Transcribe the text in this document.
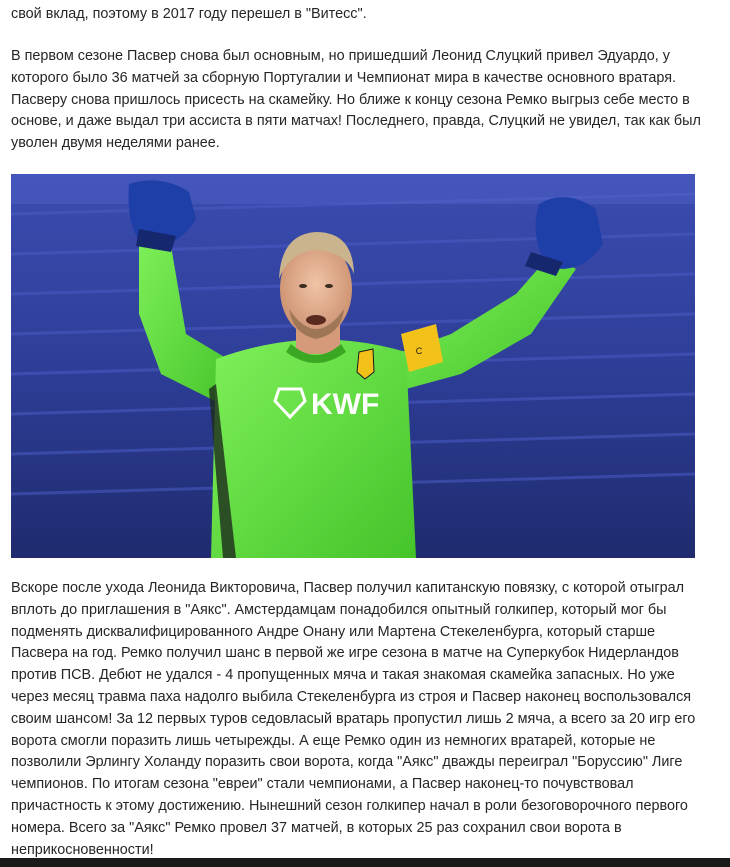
свой вклад, поэтому в 2017 году перешел в "Витесс".

В первом сезоне Пасвер снова был основным, но пришедший Леонид Слуцкий привел Эдуардо, у
которого было 36 матчей за сборную Португалии и Чемпионат мира в качестве основного вратаря.
Пасверу снова пришлось присесть на скамейку. Но ближе к концу сезона Ремко выгрыз себе место в
основе, и даже выдал три ассиста в пяти матчах! Последнего, правда, Слуцкий не увидел, так как был
уволен двумя неделями ранее.

C
KWF

Вскоре после ухода Леонида Викторовича, Пасвер получил капитанскую повязку, с которой отыграл
вплоть до приглашения в "Аякс". Амстердамцам понадобился опытный голкипер, который мог бы
подменять дисквалифицированного Андре Онану или Мартена Стекеленбурга, который старше
Пасвера на год. Ремко получил шанс в первой же игре сезона в матче на Суперкубок Нидерландов
против ПСВ. Дебют не удался - 4 пропущенных мяча и такая знакомая скамейка запасных. Но уже
через месяц травма паха надолго выбила Стекеленбурга из строя и Пасвер наконец воспользовался
своим шансом! За 12 первых туров седовласый вратарь пропустил лишь 2 мяча, а всего за 20 игр его
ворота смогли поразить лишь четырежды. А еще Ремко один из немногих вратарей, которые не
позволили Эрлингу Холанду поразить свои ворота, когда "Аякс" дважды переиграл "Боруссию" Лиге
чемпионов. По итогам сезона "евреи" стали чемпионами, а Пасвер наконец-то почувствовал
причастность к этому достижению. Нынешний сезон голкипер начал в роли безоговорочного первого
номера. Всего за "Аякс" Ремко провел 37 матчей, в которых 25 раз сохранил свои ворота в
неприкосновенности!
